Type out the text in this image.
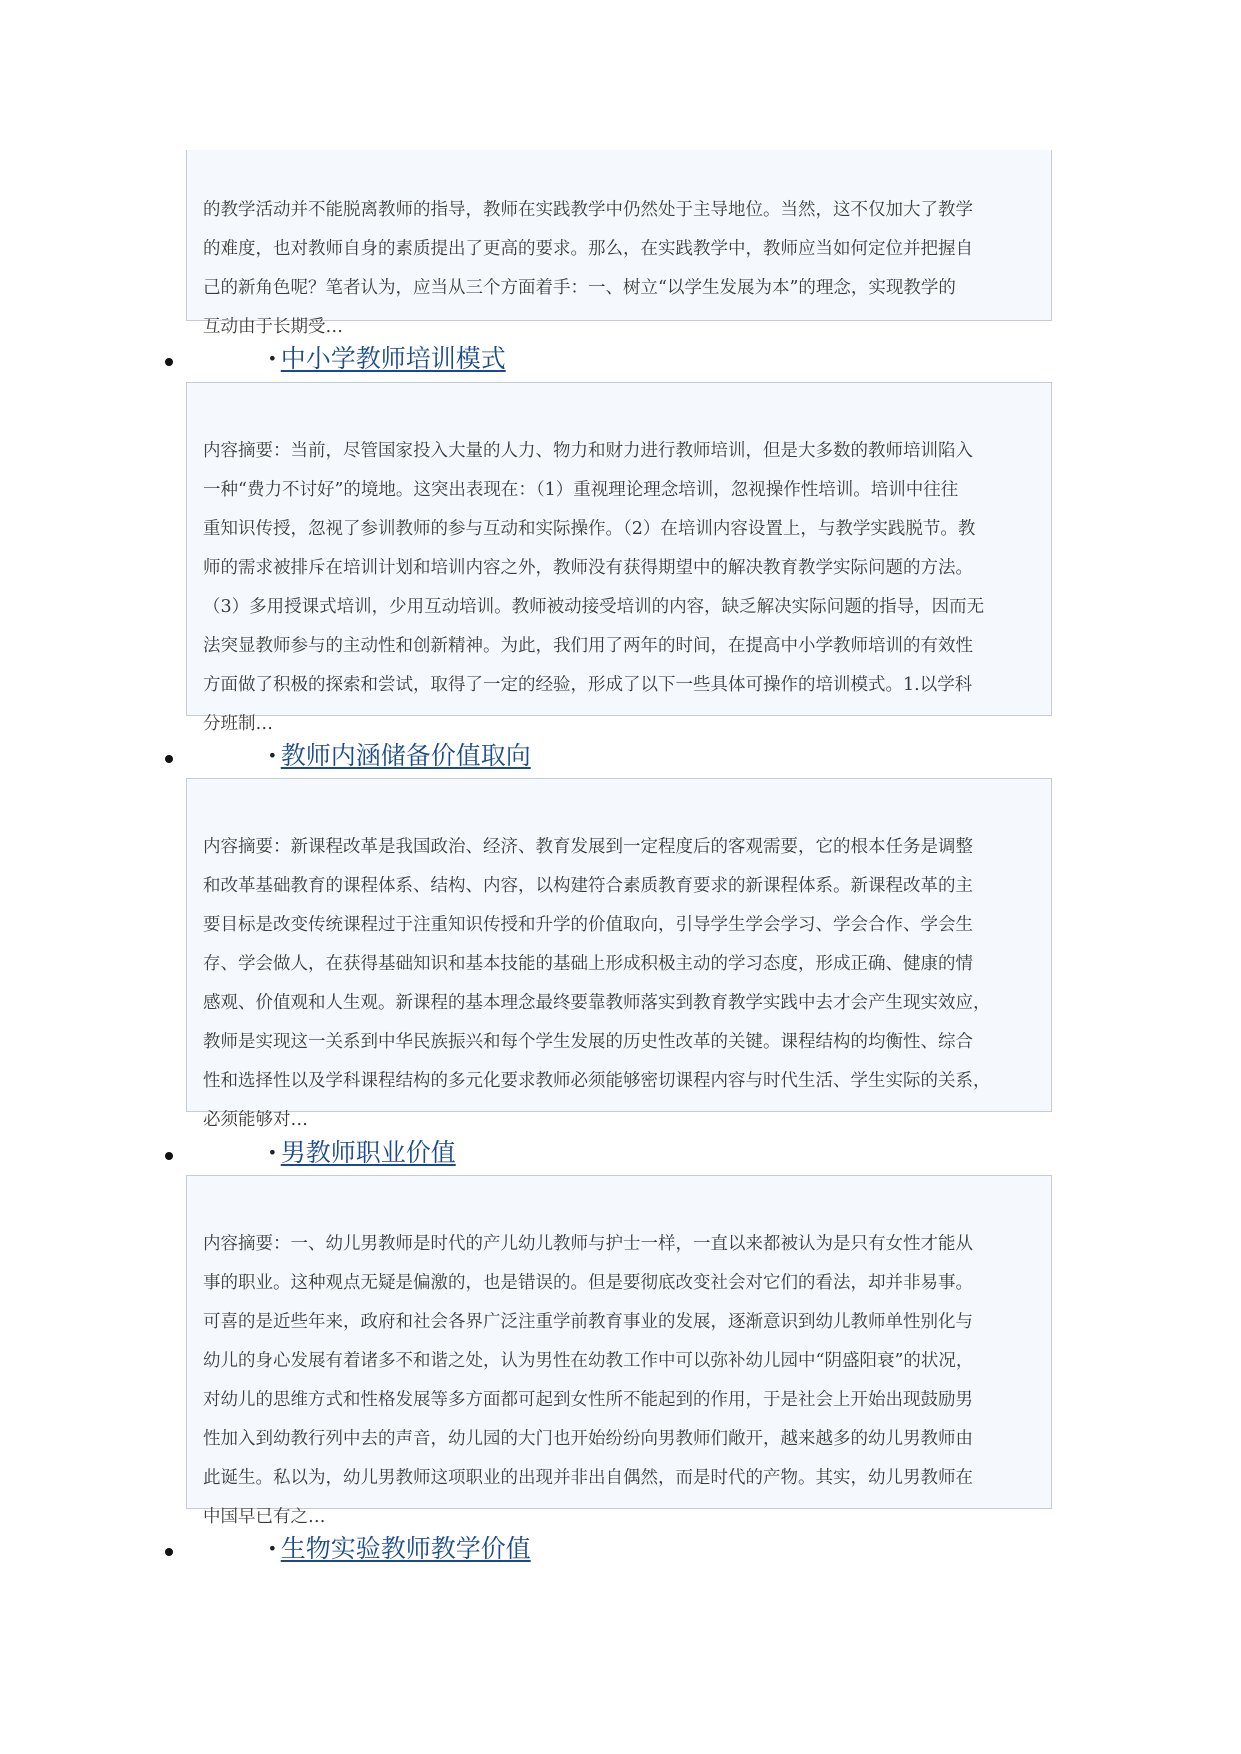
的教学活动并不能脱离教师的指导，教师在实践教学中仍然处于主导地位。当然，这不仅加大了教学
的难度，也对教师自身的素质提出了更高的要求。那么，在实践教学中，教师应当如何定位并把握自
己的新角色呢？笔者认为，应当从三个方面着手：一、树立“以学生发展为本”的理念，实现教学的
互动由于长期受…

· 中小学教师培训模式

内容摘要：当前，尽管国家投入大量的人力、物力和财力进行教师培训，但是大多数的教师培训陷入
一种“费力不讨好”的境地。这突出表现在：（1）重视理论理念培训，忽视操作性培训。培训中往往
重知识传授，忽视了参训教师的参与互动和实际操作。（2）在培训内容设置上，与教学实践脱节。教
师的需求被排斥在培训计划和培训内容之外，教师没有获得期望中的解决教育教学实际问题的方法。
（3）多用授课式培训，少用互动培训。教师被动接受培训的内容，缺乏解决实际问题的指导，因而无
法突显教师参与的主动性和创新精神。为此，我们用了两年的时间，在提高中小学教师培训的有效性
方面做了积极的探索和尝试，取得了一定的经验，形成了以下一些具体可操作的培训模式。1.以学科
分班制…

· 教师内涵储备价值取向

内容摘要：新课程改革是我国政治、经济、教育发展到一定程度后的客观需要，它的根本任务是调整
和改革基础教育的课程体系、结构、内容，以构建符合素质教育要求的新课程体系。新课程改革的主
要目标是改变传统课程过于注重知识传授和升学的价值取向，引导学生学会学习、学会合作、学会生
存、学会做人，在获得基础知识和基本技能的基础上形成积极主动的学习态度，形成正确、健康的情
感观、价值观和人生观。新课程的基本理念最终要靠教师落实到教育教学实践中去才会产生现实效应，
教师是实现这一关系到中华民族振兴和每个学生发展的历史性改革的关键。课程结构的均衡性、综合
性和选择性以及学科课程结构的多元化要求教师必须能够密切课程内容与时代生活、学生实际的关系，
必须能够对…

· 男教师职业价值

内容摘要：一、幼儿男教师是时代的产儿幼儿教师与护士一样，一直以来都被认为是只有女性才能从
事的职业。这种观点无疑是偏激的，也是错误的。但是要彻底改变社会对它们的看法，却并非易事。
可喜的是近些年来，政府和社会各界广泛注重学前教育事业的发展，逐渐意识到幼儿教师单性别化与
幼儿的身心发展有着诸多不和谐之处，认为男性在幼教工作中可以弥补幼儿园中“阴盛阳衰”的状况，
对幼儿的思维方式和性格发展等多方面都可起到女性所不能起到的作用，于是社会上开始出现鼓励男
性加入到幼教行列中去的声音，幼儿园的大门也开始纷纷向男教师们敞开，越来越多的幼儿男教师由
此诞生。私以为，幼儿男教师这项职业的出现并非出自偶然，而是时代的产物。其实，幼儿男教师在
中国早已有之…

· 生物实验教师教学价值
